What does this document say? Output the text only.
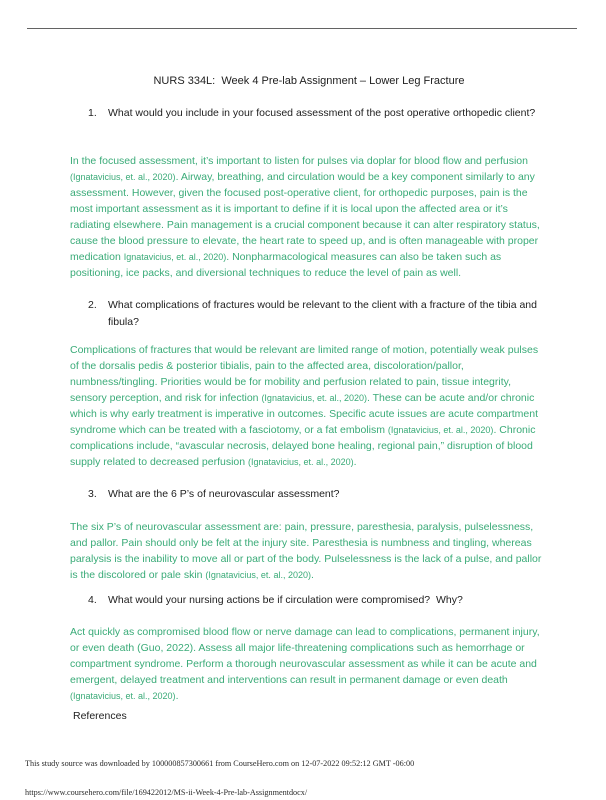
NURS 334L:  Week 4 Pre-lab Assignment – Lower Leg Fracture
1.	What would you include in your focused assessment of the post operative orthopedic client?

In the focused assessment, it’s important to listen for pulses via doplar for blood flow and perfusion (Ignatavicius, et. al., 2020). Airway, breathing, and circulation would be a key component similarly to any assessment. However, given the focused post-operative client, for orthopedic purposes, pain is the most important assessment as it is important to define if it is local upon the affected area or it’s radiating elsewhere. Pain management is a crucial component because it can alter respiratory status, cause the blood pressure to elevate, the heart rate to speed up, and is often manageable with proper medication Ignatavicius, et. al., 2020). Nonpharmacological measures can also be taken such as positioning, ice packs, and diversional techniques to reduce the level of pain as well.

2.	What complications of fractures would be relevant to the client with a fracture of the tibia and fibula?

Complications of fractures that would be relevant are limited range of motion, potentially weak pulses of the dorsalis pedis & posterior tibialis, pain to the affected area, discoloration/pallor, numbness/tingling. Priorities would be for mobility and perfusion related to pain, tissue integrity, sensory perception, and risk for infection (Ignatavicius, et. al., 2020). These can be acute and/or chronic which is why early treatment is imperative in outcomes. Specific acute issues are acute compartment syndrome which can be treated with a fasciotomy, or a fat embolism (Ignatavicius, et. al., 2020). Chronic complications include, “avascular necrosis, delayed bone healing, regional pain,” disruption of blood supply related to decreased perfusion (Ignatavicius, et. al., 2020).

3.	What are the 6 P’s of neurovascular assessment?

The six P’s of neurovascular assessment are: pain, pressure, paresthesia, paralysis, pulselessness, and pallor. Pain should only be felt at the injury site. Paresthesia is numbness and tingling, whereas paralysis is the inability to move all or part of the body. Pulselessness is the lack of a pulse, and pallor is the discolored or pale skin (Ignatavicius, et. al., 2020).

4.	What would your nursing actions be if circulation were compromised?  Why?

Act quickly as compromised blood flow or nerve damage can lead to complications, permanent injury, or even death (Guo, 2022). Assess all major life-threatening complications such as hemorrhage or compartment syndrome. Perform a thorough neurovascular assessment as while it can be acute and emergent, delayed treatment and interventions can result in permanent damage or even death (Ignatavicius, et. al., 2020).

References

This study source was downloaded by 100000857300661 from CourseHero.com on 12-07-2022 09:52:12 GMT -06:00
https://www.coursehero.com/file/169422012/MS-ii-Week-4-Pre-lab-Assignmentdocx/
